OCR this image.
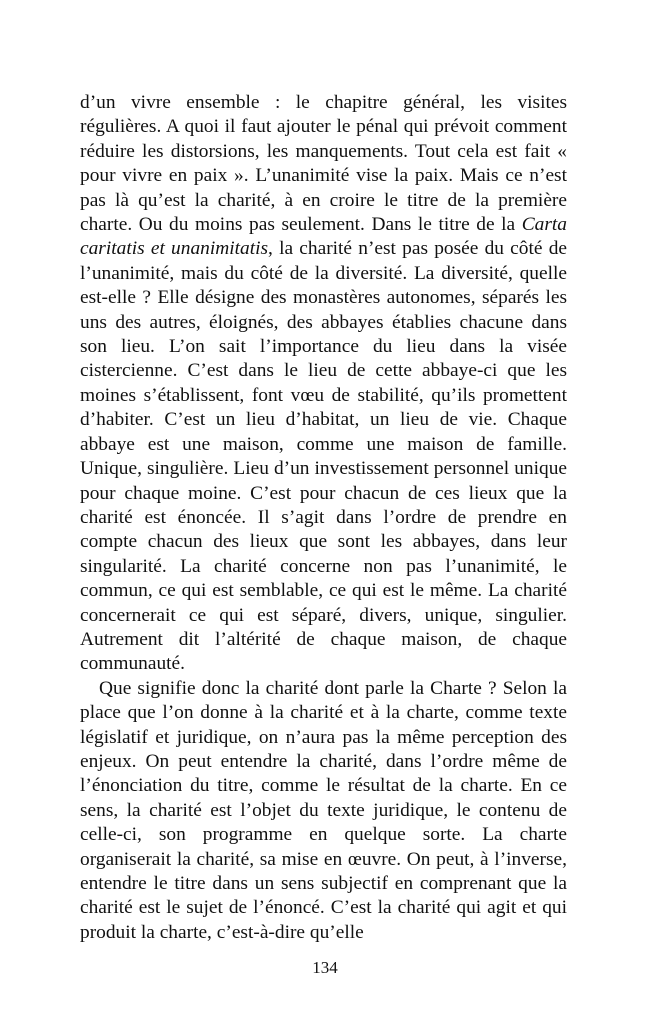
d’un vivre ensemble : le chapitre général, les visites régulières. A quoi il faut ajouter le pénal qui prévoit comment réduire les distorsions, les manquements. Tout cela est fait « pour vivre en paix ». L’unanimité vise la paix. Mais ce n’est pas là qu’est la charité, à en croire le titre de la première charte. Ou du moins pas seulement. Dans le titre de la Carta caritatis et unanimitatis, la charité n’est pas posée du côté de l’unanimité, mais du côté de la diversité. La diversité, quelle est-elle ? Elle désigne des monastères autonomes, séparés les uns des autres, éloignés, des abbayes établies chacune dans son lieu. L’on sait l’importance du lieu dans la visée cistercienne. C’est dans le lieu de cette abbaye-ci que les moines s’établissent, font vœu de stabilité, qu’ils promettent d’habiter. C’est un lieu d’habitat, un lieu de vie. Chaque abbaye est une maison, comme une maison de famille. Unique, singulière. Lieu d’un investissement personnel unique pour chaque moine. C’est pour chacun de ces lieux que la charité est énoncée. Il s’agit dans l’ordre de prendre en compte chacun des lieux que sont les abbayes, dans leur singularité. La charité concerne non pas l’unanimité, le commun, ce qui est semblable, ce qui est le même. La charité concernerait ce qui est séparé, divers, unique, singulier. Autrement dit l’altérité de chaque maison, de chaque communauté.

Que signifie donc la charité dont parle la Charte ? Selon la place que l’on donne à la charité et à la charte, comme texte législatif et juridique, on n’aura pas la même perception des enjeux. On peut entendre la charité, dans l’ordre même de l’énonciation du titre, comme le résultat de la charte. En ce sens, la charité est l’objet du texte juridique, le contenu de celle-ci, son programme en quelque sorte. La charte organiserait la charité, sa mise en œuvre. On peut, à l’inverse, entendre le titre dans un sens subjectif en comprenant que la charité est le sujet de l’énoncé. C’est la charité qui agit et qui produit la charte, c’est-à-dire qu’elle

134
